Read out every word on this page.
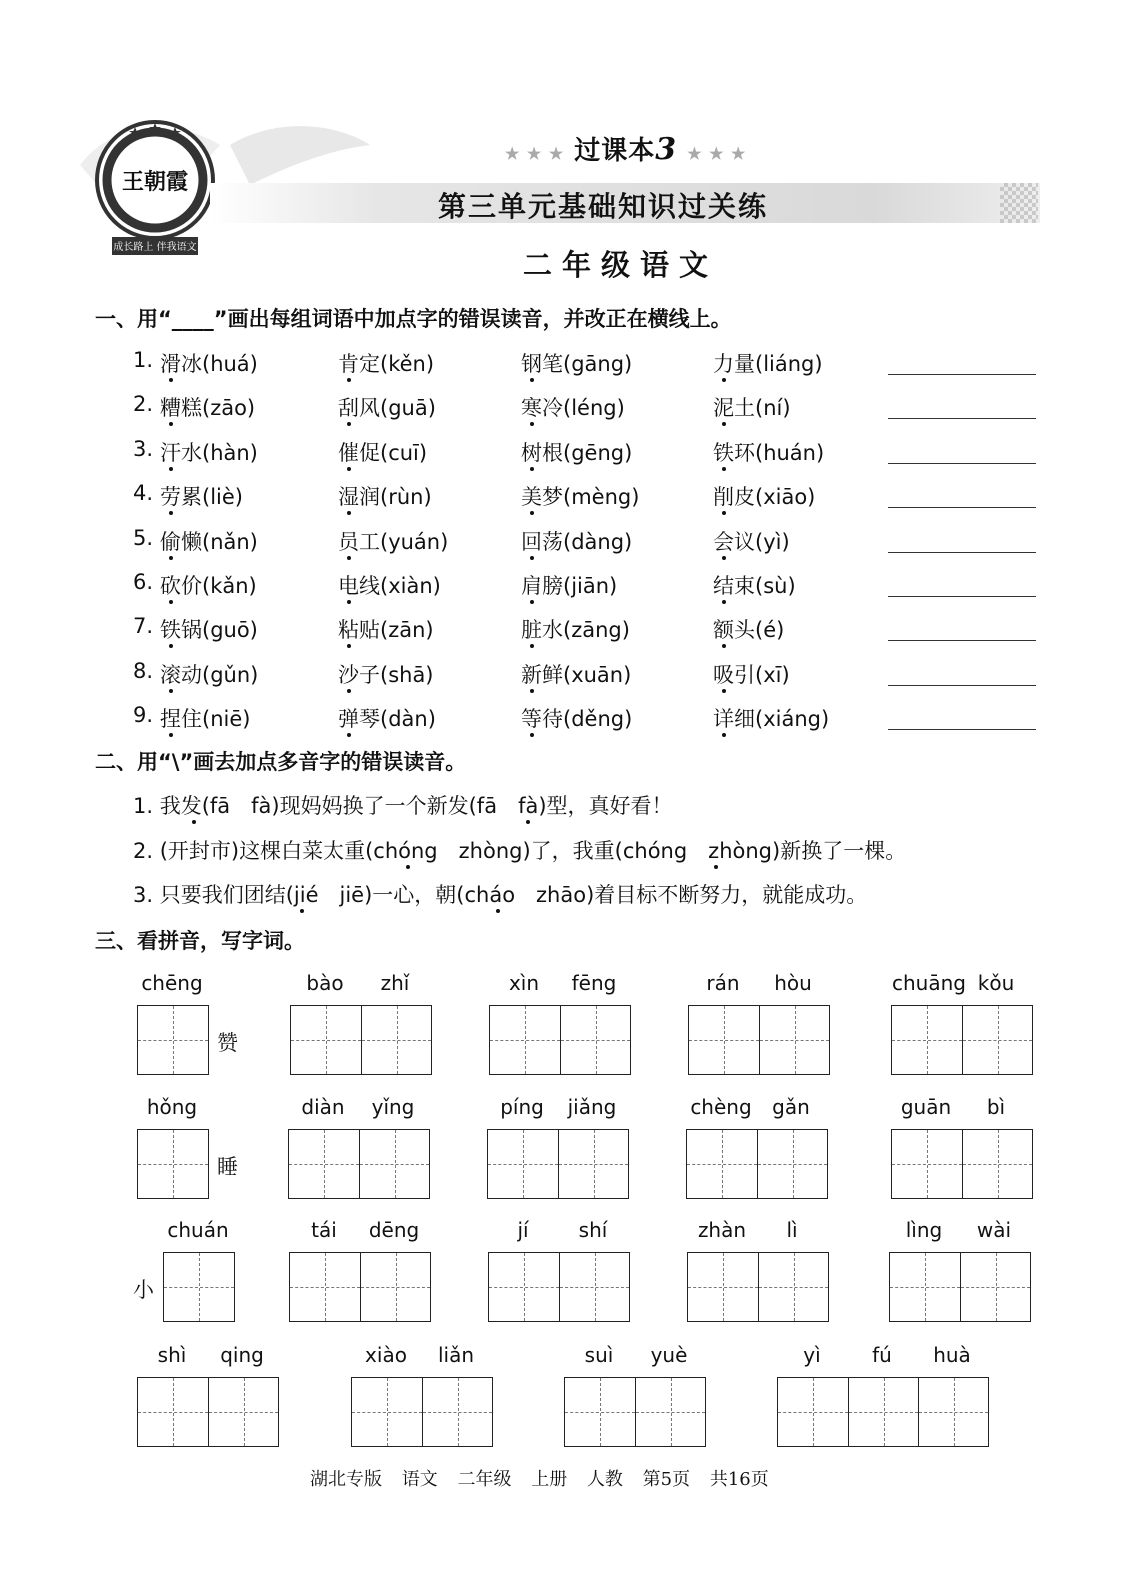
王朝霞
成长路上 伴我语文
★ ★ ★ 过课本3 ★ ★ ★
第三单元基础知识过关练
二年级语文
一、用“____”画出每组词语中加点字的错误读音，并改正在横线上。
1. 滑冰(huá)	肯定(kěn)	钢笔(gāng)	力量(liáng)
2. 糟糕(zāo)	刮风(guā)	寒冷(léng)	泥土(ní)
3. 汗水(hàn)	催促(cuī)	树根(gēng)	铁环(huán)
4. 劳累(liè)	湿润(rùn)	美梦(mèng)	削皮(xiāo)
5. 偷懒(nǎn)	员工(yuán)	回荡(dàng)	会议(yì)
6. 砍价(kǎn)	电线(xiàn)	肩膀(jiān)	结束(sù)
7. 铁锅(guō)	粘贴(zān)	脏水(zāng)	额头(é)
8. 滚动(gǔn)	沙子(shā)	新鲜(xuān)	吸引(xī)
9. 捏住(niē)	弹琴(dàn)	等待(děng)	详细(xiáng)
二、用“\”画去加点多音字的错误读音。
1. 我发(fā　fà)现妈妈换了一个新发(fā　fà)型，真好看！
2. (开封市)这棵白菜太重(chóng　zhòng)了，我重(chóng　zhòng)新换了一棵。
3. 只要我们团结(jié　jiē)一心，朝(cháo　zhāo)着目标不断努力，就能成功。
三、看拼音，写字词。
chēng
赞
bào	zhǐ	xìn	fēng	rán	hòu	chuāng kǒu
hǒng
睡
diàn	yǐng	píng	jiǎng	chèng	gǎn	guān	bì
chuán
小
tái	dēng	jí	shí	zhàn	lì	lìng	wài
shì	qing	xiào	liǎn	suì	yuè	yì	fú	huà
湖北专版 语文 二年级 上册 人教 第5页 共16页
